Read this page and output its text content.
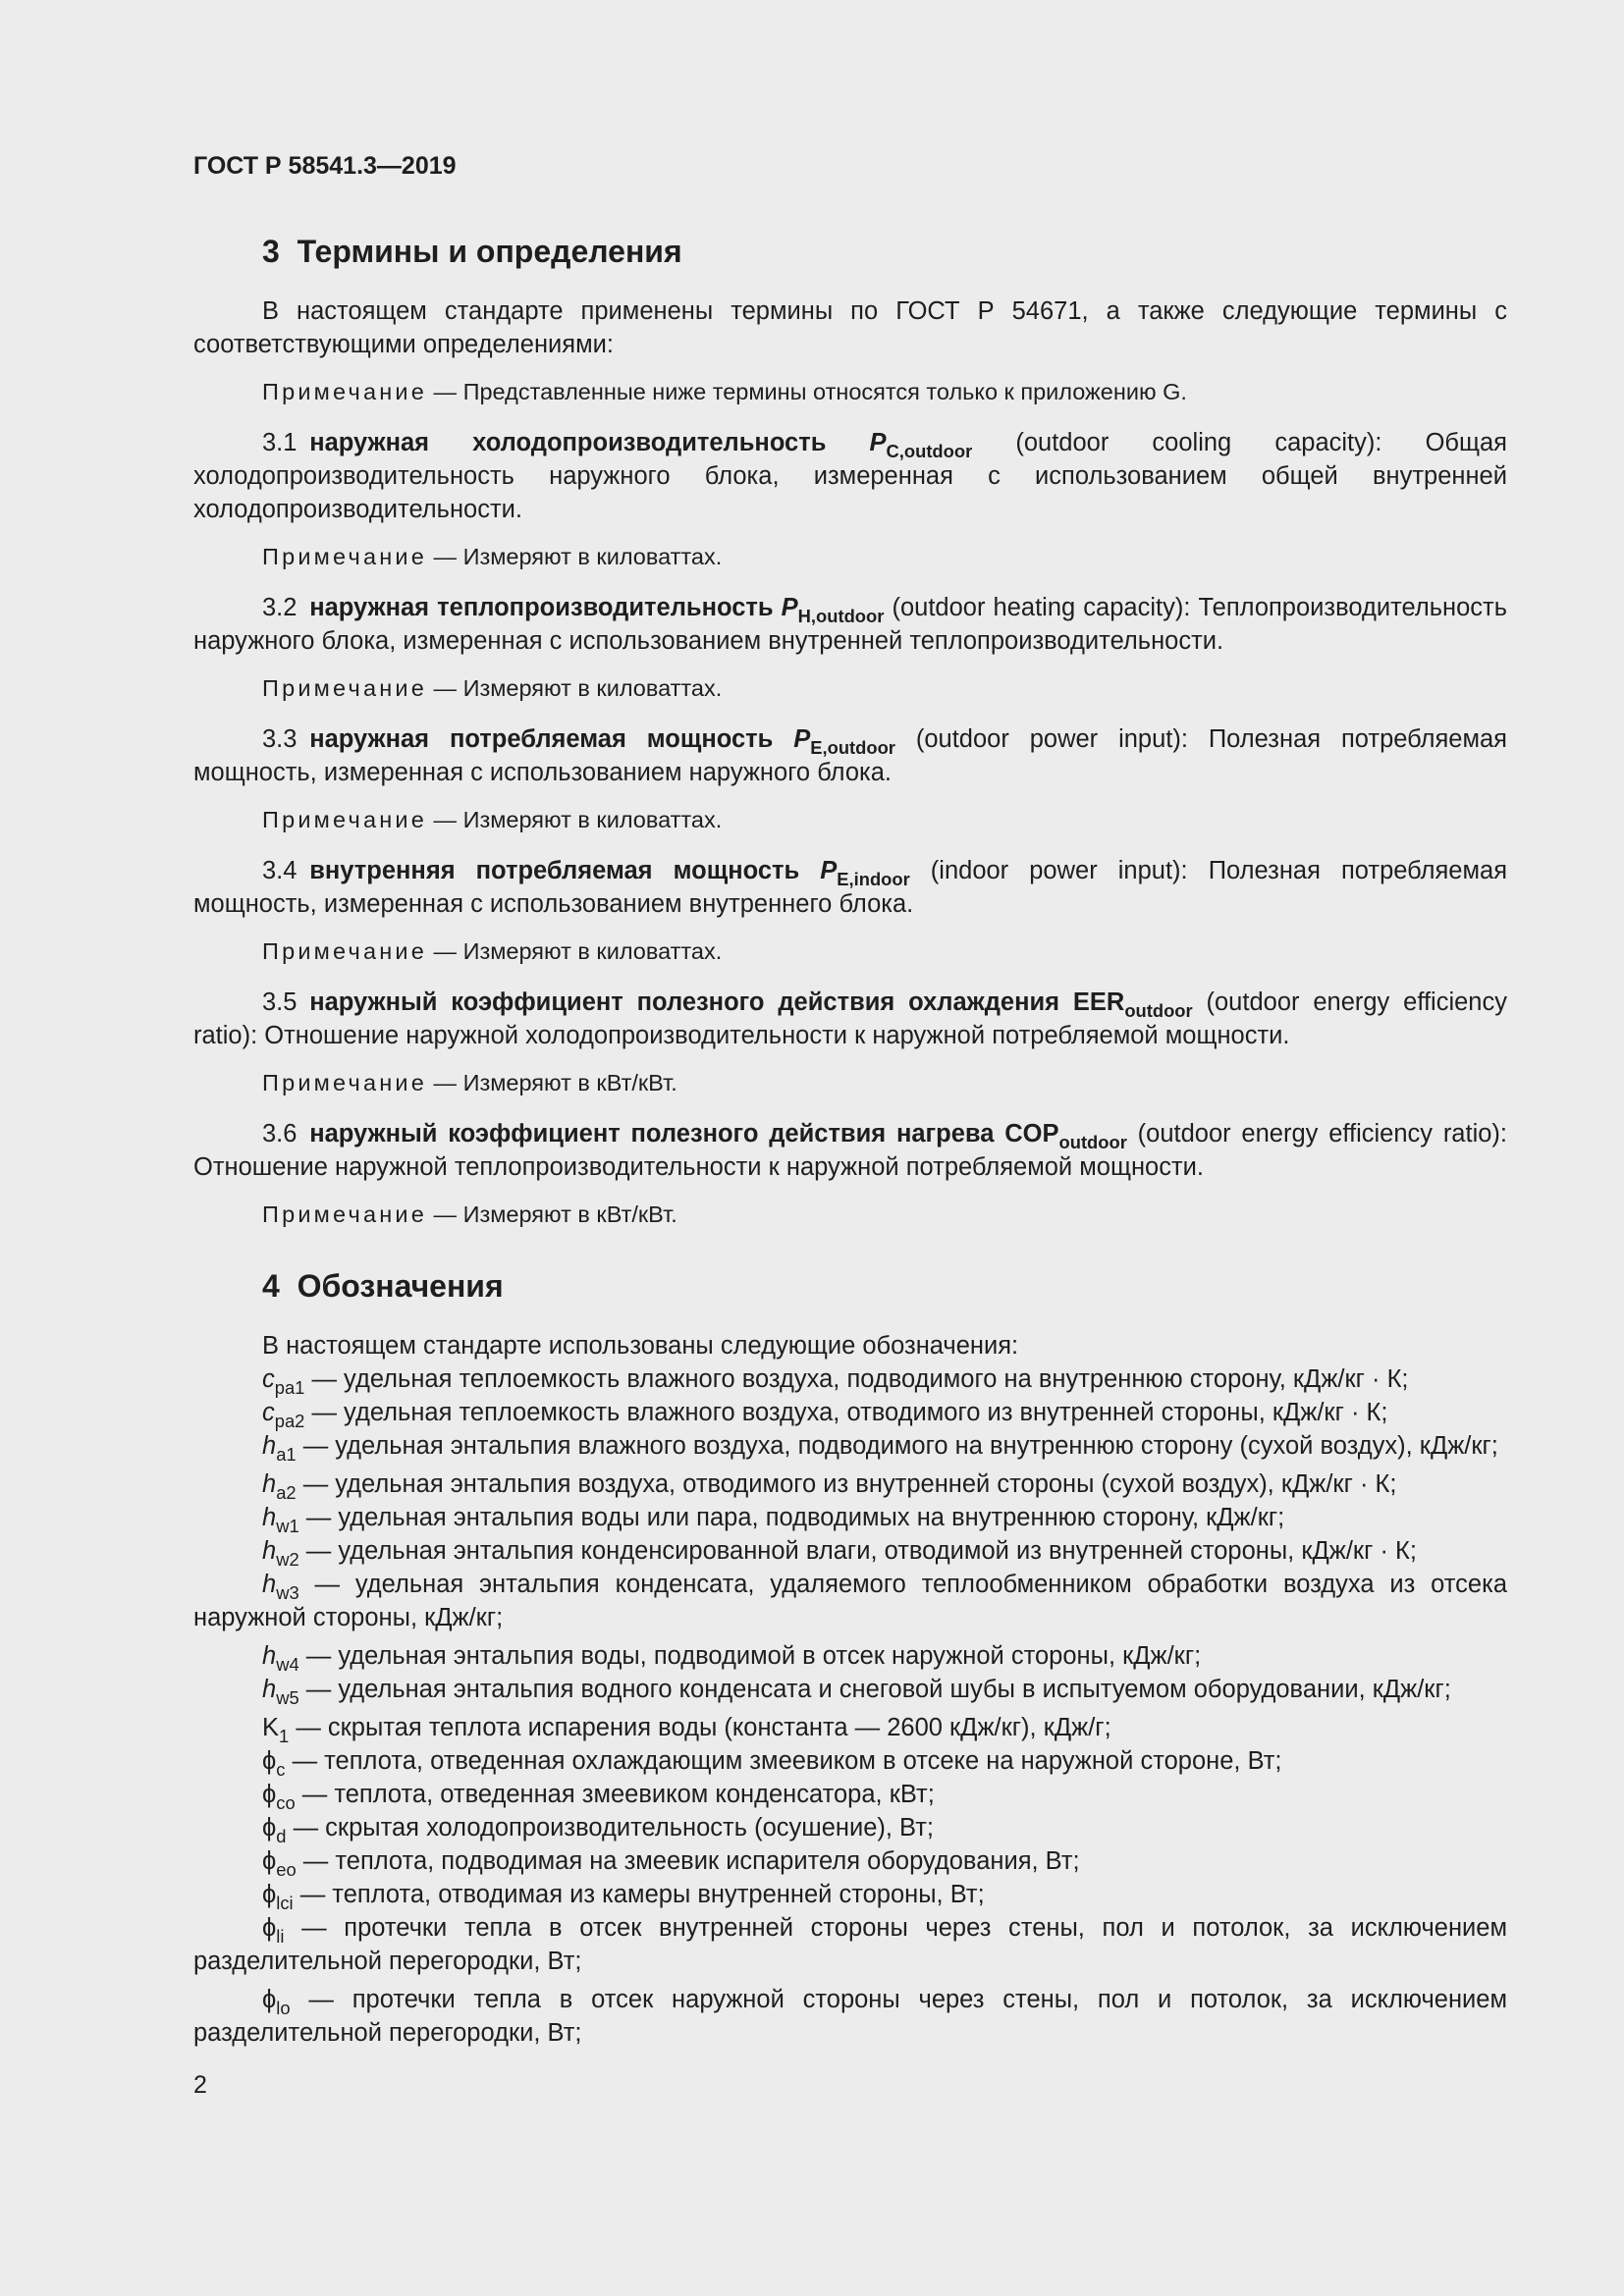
ГОСТ Р 58541.3—2019
3 Термины и определения

В настоящем стандарте применены термины по ГОСТ Р 54671, а также следующие термины с соответствующими определениями:

Примечание — Представленные ниже термины относятся только к приложению G.

3.1  наружная холодопроизводительность $P_{C,outdoor}$ (outdoor cooling capacity): Общая холодопроизводительность наружного блока, измеренная с использованием общей внутренней холодопроизводительности.

Примечание — Измеряют в киловаттах.

3.2  наружная теплопроизводительность $P_{H,outdoor}$ (outdoor heating capacity): Теплопроизводительность наружного блока, измеренная с использованием внутренней теплопроизводительности.

Примечание — Измеряют в киловаттах.

3.3  наружная потребляемая мощность $P_{E,outdoor}$ (outdoor power input): Полезная потребляемая мощность, измеренная с использованием наружного блока.

Примечание — Измеряют в киловаттах.

3.4  внутренняя потребляемая мощность $P_{E,indoor}$ (indoor power input): Полезная потребляемая мощность, измеренная с использованием внутреннего блока.

Примечание — Измеряют в киловаттах.

3.5  наружный коэффициент полезного действия охлаждения $EER_{outdoor}$ (outdoor energy efficiency ratio): Отношение наружной холодопроизводительности к наружной потребляемой мощности.

Примечание — Измеряют в кВт/кВт.

3.6  наружный коэффициент полезного действия нагрева $COP_{outdoor}$ (outdoor energy efficiency ratio): Отношение наружной теплопроизводительности к наружной потребляемой мощности.

Примечание — Измеряют в кВт/кВт.

4 Обозначения

В настоящем стандарте использованы следующие обозначения:

$c_{pa1}$ — удельная теплоемкость влажного воздуха, подводимого на внутреннюю сторону, кДж/кг · К;

$c_{pa2}$ — удельная теплоемкость влажного воздуха, отводимого из внутренней стороны, кДж/кг · К;

$h_{a1}$ — удельная энтальпия влажного воздуха, подводимого на внутреннюю сторону (сухой воздух), кДж/кг;

$h_{a2}$ — удельная энтальпия воздуха, отводимого из внутренней стороны (сухой воздух), кДж/кг · К;

$h_{w1}$ — удельная энтальпия воды или пара, подводимых на внутреннюю сторону, кДж/кг;

$h_{w2}$ — удельная энтальпия конденсированной влаги, отводимой из внутренней стороны, кДж/кг · К;

$h_{w3}$ — удельная энтальпия конденсата, удаляемого теплообменником обработки воздуха из отсека наружной стороны, кДж/кг;

$h_{w4}$ — удельная энтальпия воды, подводимой в отсек наружной стороны, кДж/кг;

$h_{w5}$ — удельная энтальпия водного конденсата и снеговой шубы в испытуемом оборудовании, кДж/кг;

$K_1$ — скрытая теплота испарения воды (константа — 2600 кДж/кг), кДж/г;

$\phi_c$ — теплота, отведенная охлаждающим змеевиком в отсеке на наружной стороне, Вт;

$\phi_{co}$ — теплота, отведенная змеевиком конденсатора, кВт;

$\phi_d$ — скрытая холодопроизводительность (осушение), Вт;

$\phi_{eo}$ — теплота, подводимая на змеевик испарителя оборудования, Вт;

$\phi_{lci}$ — теплота, отводимая из камеры внутренней стороны, Вт;

$\phi_{li}$ — протечки тепла в отсек внутренней стороны через стены, пол и потолок, за исключением разделительной перегородки, Вт;

$\phi_{lo}$ — протечки тепла в отсек наружной стороны через стены, пол и потолок, за исключением разделительной перегородки, Вт;

2
